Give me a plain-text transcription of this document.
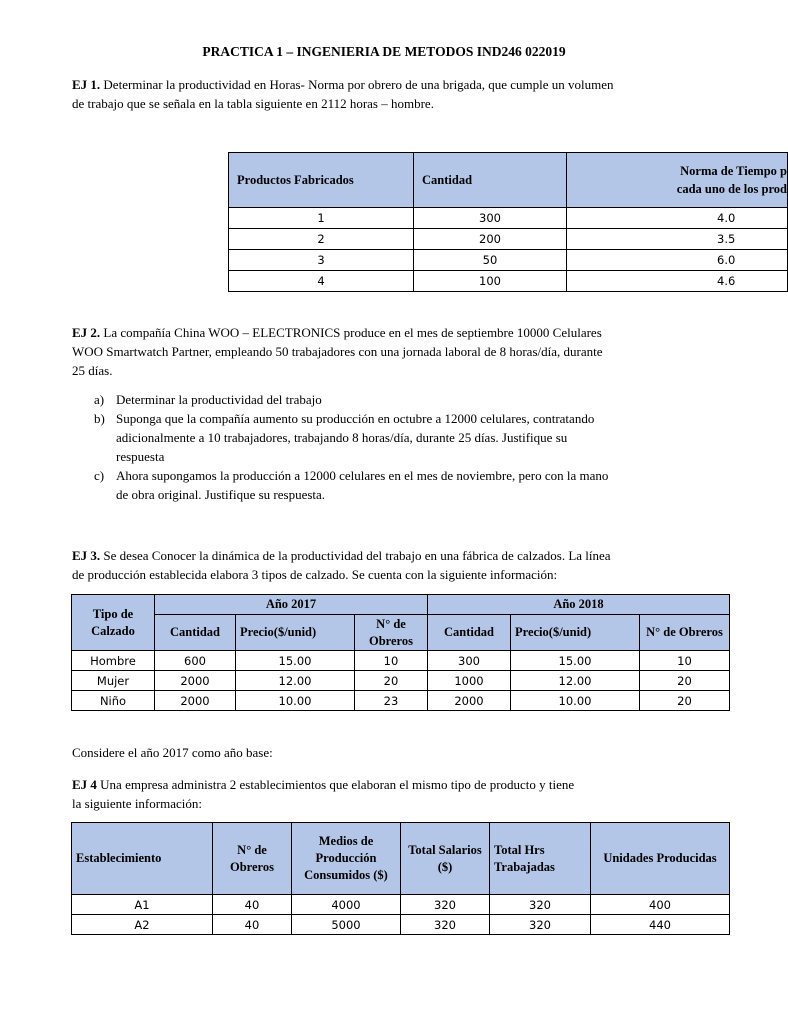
PRACTICA 1 – INGENIERIA DE METODOS IND246 022019
EJ 1. Determinar la productividad en Horas- Norma por obrero de una brigada, que cumple un volumen
de trabajo que se señala en la tabla siguiente en 2112 horas – hombre.
Productos Fabricados	Cantidad	Norma de Tiempo p
cada uno de los prod

1	300	4.0
2	200	3.5
3	50	6.0
4	100	4.6
EJ 2. La compañía China WOO – ELECTRONICS produce en el mes de septiembre 10000 Celulares
WOO Smartwatch Partner, empleando 50 trabajadores con una jornada laboral de 8 horas/día, durante
25 días.
a) Determinar la productividad del trabajo
b) Suponga que la compañía aumento su producción en octubre a 12000 celulares, contratando
adicionalmente a 10 trabajadores, trabajando 8 horas/día, durante 25 días. Justifique su
respuesta
c) Ahora supongamos la producción a 12000 celulares en el mes de noviembre, pero con la mano
de obra original. Justifique su respuesta.
EJ 3. Se desea Conocer la dinámica de la productividad del trabajo en una fábrica de calzados. La línea
de producción establecida elabora 3 tipos de calzado. Se cuenta con la siguiente información:
Tipo de Calzado	Año 2017			Año 2018		
	Cantidad	Precio($/unid)	N° de Obreros	Cantidad	Precio($/unid)	N° de Obreros
Hombre	600	15.00	10	300	15.00	10
Mujer	2000	12.00	20	1000	12.00	20
Niño	2000	10.00	23	2000	10.00	20
Considere el año 2017 como año base:
EJ 4 Una empresa administra 2 establecimientos que elaboran el mismo tipo de producto y tiene
la siguiente información:
Establecimiento	N° de Obreros	Medios de Producción Consumidos ($)	Total Salarios ($)	Total Hrs Trabajadas	Unidades Producidas
A1	40	4000	320	320	400
A2	40	5000	320	320	440
